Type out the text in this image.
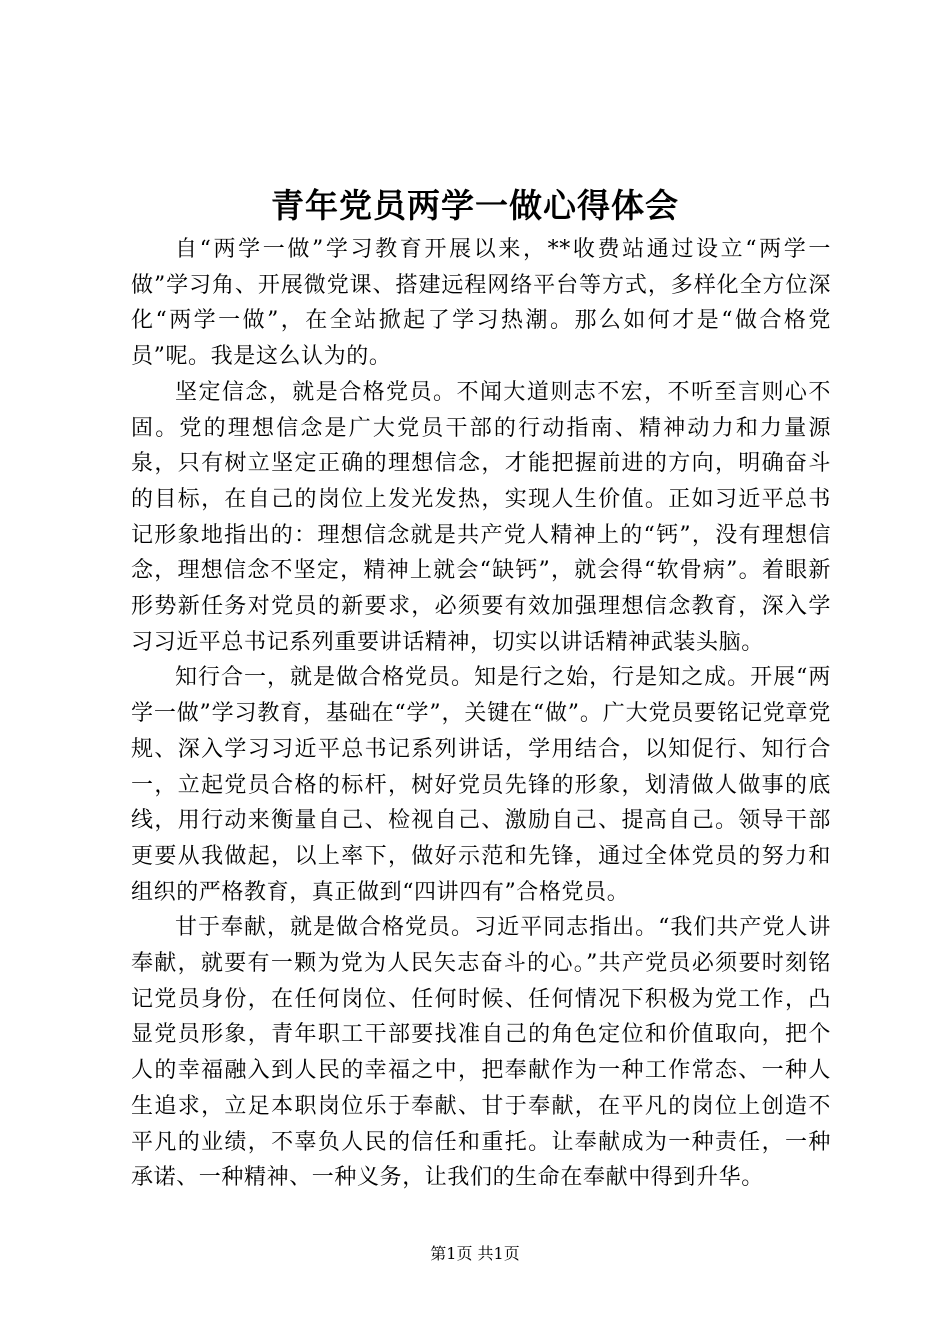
青年党员两学一做心得体会

自“两学一做”学习教育开展以来，**收费站通过设立“两学一做”学习角、开展微党课、搭建远程网络平台等方式，多样化全方位深化“两学一做”，在全站掀起了学习热潮。那么如何才是“做合格党员”呢。我是这么认为的。

坚定信念，就是合格党员。不闻大道则志不宏，不听至言则心不固。党的理想信念是广大党员干部的行动指南、精神动力和力量源泉，只有树立坚定正确的理想信念，才能把握前进的方向，明确奋斗的目标，在自己的岗位上发光发热，实现人生价值。正如习近平总书记形象地指出的：理想信念就是共产党人精神上的“钙”，没有理想信念，理想信念不坚定，精神上就会“缺钙”，就会得“软骨病”。着眼新形势新任务对党员的新要求，必须要有效加强理想信念教育，深入学习习近平总书记系列重要讲话精神，切实以讲话精神武装头脑。

知行合一，就是做合格党员。知是行之始，行是知之成。开展“两学一做”学习教育，基础在“学”，关键在“做”。广大党员要铭记党章党规、深入学习习近平总书记系列讲话，学用结合，以知促行、知行合一，立起党员合格的标杆，树好党员先锋的形象，划清做人做事的底线，用行动来衡量自己、检视自己、激励自己、提高自己。领导干部更要从我做起，以上率下，做好示范和先锋，通过全体党员的努力和组织的严格教育，真正做到“四讲四有”合格党员。

甘于奉献，就是做合格党员。习近平同志指出。“我们共产党人讲奉献，就要有一颗为党为人民矢志奋斗的心。”共产党员必须要时刻铭记党员身份，在任何岗位、任何时候、任何情况下积极为党工作，凸显党员形象，青年职工干部要找准自己的角色定位和价值取向，把个人的幸福融入到人民的幸福之中，把奉献作为一种工作常态、一种人生追求，立足本职岗位乐于奉献、甘于奉献，在平凡的岗位上创造不平凡的业绩，不辜负人民的信任和重托。让奉献成为一种责任，一种承诺、一种精神、一种义务，让我们的生命在奉献中得到升华。

第1页 共1页
